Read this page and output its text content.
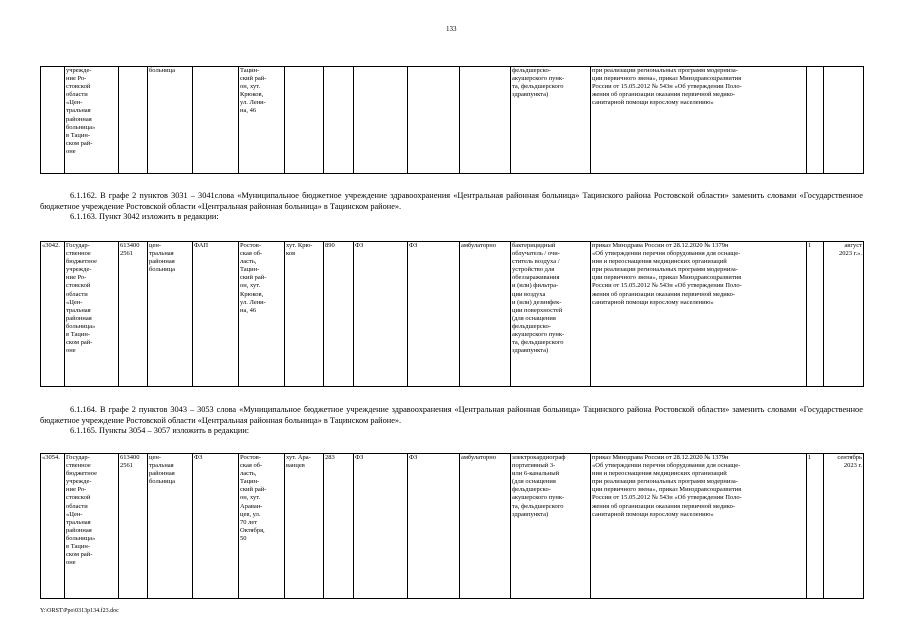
133
	учрежде-
ние Ро-
стовской
области
«Цен-
тральная
районная
больница»
в Тацин-
ском рай-
оне		больница		Тацин-
ский рай-
он, хут.
Крюков,
ул. Лени-
на, 46						фельдшерско-
акушерского пунк-
та, фельдшерского
здравпункта)	при реализации региональных программ модерниза-
ции первичного звена», приказ Минздравсоцразвития
России от 15.05.2012 № 543н «Об утверждении Поло-
жения об организации оказания первичной медико-
санитарной помощи взрослому населению»		

6.1.162. В графе 2 пунктов 3031 – 3041слова «Муниципальное бюджетное учреждение здравоохранения «Центральная районная больница» Тацинского района Ростовской области» заменить словами «Государственное бюджетное учреждение Ростовской области «Центральная районная больница» в Тацинском районе».

6.1.163. Пункт 3042 изложить в редакции:

«3042.	Государ-
ственное
бюджетное
учрежде-
ние Ро-
стовской
области
«Цен-
тральная
районная
больница»
в Тацин-
ском рай-
оне	613400
2561	цен-
тральная
районная
больница	ФАП	Ростов-
ская об-
ласть,
Тацин-
ский рай-
он, хут.
Крюков,
ул. Лени-
на, 46	хут. Крю-
ков	890	ФЗ	ФЗ	амбулаторно	бактерицидный
облучатель / очи-
ститель воздуха /
устройство для
обеззараживания
и (или) фильтра-
ции воздуха
и (или) дезинфек-
ции поверхностей
(для оснащения
фельдшерско-
акушерского пунк-
та, фельдшерского
здравпункта)	приказ Минздрава России от 28.12.2020 № 1379н
«Об утверждении перечня оборудования для оснаще-
ния и переоснащения медицинских организаций
при реализации региональных программ модерниза-
ции первичного звена», приказ Минздравсоцразвития
России от 15.05.2012 № 543н «Об утверждении Поло-
жения об организации оказания первичной медико-
санитарной помощи взрослому населению»	1	август
2023 г.».

6.1.164. В графе 2 пунктов 3043 – 3053 слова «Муниципальное бюджетное учреждение здравоохранения «Центральная районная больница» Тацинского района Ростовской области» заменить словами «Государственное бюджетное учреждение Ростовской области «Центральная районная больница» в Тацинском районе».

6.1.165. Пункты 3054 – 3057 изложить в редакции:

«3054.	Государ-
ственное
бюджетное
учрежде-
ние Ро-
стовской
области
«Цен-
тральная
районная
больница»
в Тацин-
ском рай-
оне	613400
2561	цен-
тральная
районная
больница	ФЗ	Ростов-
ская об-
ласть,
Тацин-
ский рай-
он, хут.
Араван-
цев, ул.
70 лет
Октября,
50	хут. Ара-
ванцев	283	ФЗ	ФЗ	амбулаторно	электрокардиограф
портативный 3-
или 6-канальный
(для оснащения
фельдшерско-
акушерского пунк-
та, фельдшерского
здравпункта)	приказ Минздрава России от 28.12.2020 № 1379н
«Об утверждении перечня оборудования для оснаще-
ния и переоснащения медицинских организаций
при реализации региональных программ модерниза-
ции первичного звена», приказ Минздравсоцразвития
России от 15.05.2012 № 543н «Об утверждении Поло-
жения об организации оказания первичной медико-
санитарной помощи взрослому населению»	1	сентябрь
2023 г.
Y:\ORST\Ppo\0313p134.f23.doc
